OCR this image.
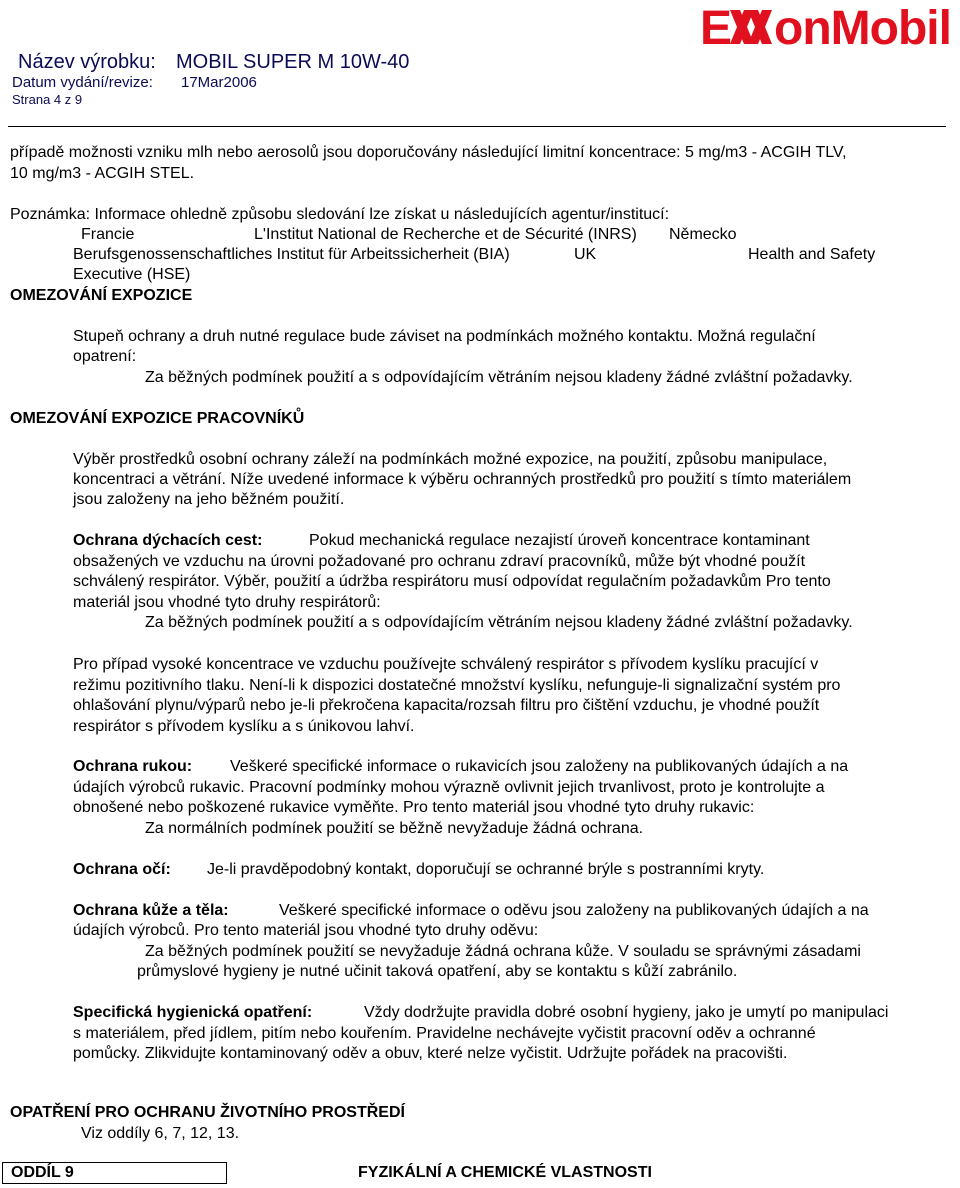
Název výrobku: MOBIL SUPER M 10W-40
Datum vydání/revize: 17Mar2006
Strana 4 z 9
E onMobil
případě možnosti vzniku mlh nebo aerosolů jsou doporučovány následující limitní koncentrace: 5 mg/m3 - ACGIH TLV,
10 mg/m3 - ACGIH STEL.
Poznámka: Informace ohledně způsobu sledování lze získat u následujících agentur/institucí:
Francie	L'Institut National de Recherche et de Sécurité (INRS) Německo
Berufsgenossenschaftliches Institut für Arbeitssicherheit (BIA)	UK	Health and Safety
Executive (HSE)
OMEZOVÁNÍ EXPOZICE
Stupeň ochrany a druh nutné regulace bude záviset na podmínkách možného kontaktu. Možná regulační
opatrení:
Za běžných podmínek použití a s odpovídajícím větráním nejsou kladeny žádné zvláštní požadavky.
OMEZOVÁNÍ EXPOZICE PRACOVNÍKŮ
Výběr prostředků osobní ochrany záleží na podmínkách možné expozice, na použití, způsobu manipulace,
koncentraci a větrání. Níže uvedené informace k výběru ochranných prostředků pro použití s tímto materiálem
jsou založeny na jeho běžném použití.
Ochrana dýchacích cest:	Pokud mechanická regulace nezajistí úroveň koncentrace kontaminant
obsažených ve vzduchu na úrovni požadované pro ochranu zdraví pracovníků, může být vhodné použít
schválený respirátor. Výběr, použití a údržba respirátoru musí odpovídat regulačním požadavkům Pro tento
materiál jsou vhodné tyto druhy respirátorů:
Za běžných podmínek použití a s odpovídajícím větráním nejsou kladeny žádné zvláštní požadavky.
Pro případ vysoké koncentrace ve vzduchu používejte schválený respirátor s přívodem kyslíku pracující v
režimu pozitivního tlaku. Není-li k dispozici dostatečné množství kyslíku, nefunguje-li signalizační systém pro
ohlašování plynu/výparů nebo je-li překročena kapacita/rozsah filtru pro čištění vzduchu, je vhodné použít
respirátor s přívodem kyslíku a s únikovou lahví.
Ochrana rukou: Veškeré specifické informace o rukavicích jsou založeny na publikovaných údajích a na
údajích výrobců rukavic. Pracovní podmínky mohou výrazně ovlivnit jejich trvanlivost, proto je kontrolujte a
obnošené nebo poškozené rukavice vyměňte. Pro tento materiál jsou vhodné tyto druhy rukavic:
Za normálních podmínek použití se běžně nevyžaduje žádná ochrana.
Ochrana očí: Je-li pravděpodobný kontakt, doporučují se ochranné brýle s postranními kryty.
Ochrana kůže a těla:	Veškeré specifické informace o oděvu jsou založeny na publikovaných údajích a na
údajích výrobců. Pro tento materiál jsou vhodné tyto druhy oděvu:
Za běžných podmínek použití se nevyžaduje žádná ochrana kůže. V souladu se správnými zásadami
průmyslové hygieny je nutné učinit taková opatření, aby se kontaktu s kůží zabránilo.
Specifická hygienická opatření:	Vždy dodržujte pravidla dobré osobní hygieny, jako je umytí po manipulaci
s materiálem, před jídlem, pitím nebo kouřením. Pravidelne nechávejte vyčistit pracovní oděv a ochranné
pomůcky. Zlikvidujte kontaminovaný oděv a obuv, které nelze vyčistit. Udržujte pořádek na pracovišti.
OPATŘENÍ PRO OCHRANU ŽIVOTNÍHO PROSTŘEDÍ
Viz oddíly 6, 7, 12, 13.
ODDÍL 9	FYZIKÁLNÍ A CHEMICKÉ VLASTNOSTI
